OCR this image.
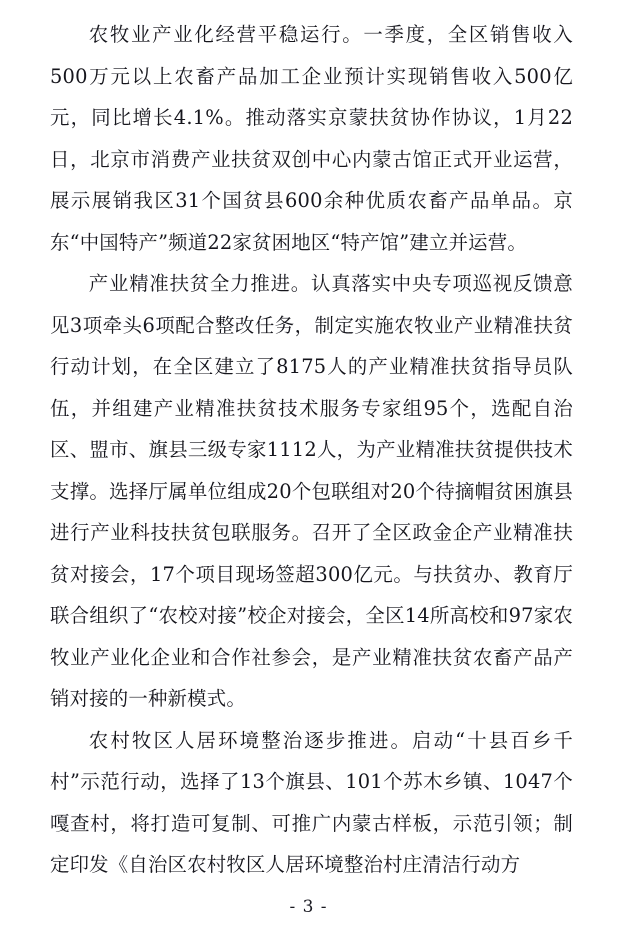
农牧业产业化经营平稳运行。一季度，全区销售收入500万元以上农畜产品加工企业预计实现销售收入500亿元，同比增长4.1%。推动落实京蒙扶贫协作协议，1月22日，北京市消费产业扶贫双创中心内蒙古馆正式开业运营，展示展销我区31个国贫县600余种优质农畜产品单品。京东“中国特产”频道22家贫困地区“特产馆”建立并运营。

产业精准扶贫全力推进。认真落实中央专项巡视反馈意见3项牵头6项配合整改任务，制定实施农牧业产业精准扶贫行动计划，在全区建立了8175人的产业精准扶贫指导员队伍，并组建产业精准扶贫技术服务专家组95个，选配自治区、盟市、旗县三级专家1112人，为产业精准扶贫提供技术支撑。选择厅属单位组成20个包联组对20个待摘帽贫困旗县进行产业科技扶贫包联服务。召开了全区政金企产业精准扶贫对接会，17个项目现场签超300亿元。与扶贫办、教育厅联合组织了“农校对接”校企对接会，全区14所高校和97家农牧业产业化企业和合作社参会，是产业精准扶贫农畜产品产销对接的一种新模式。

农村牧区人居环境整治逐步推进。启动“十县百乡千村”示范行动，选择了13个旗县、101个苏木乡镇、1047个嘎查村，将打造可复制、可推广内蒙古样板，示范引领；制定印发《自治区农村牧区人居环境整治村庄清洁行动方

- 3 -
